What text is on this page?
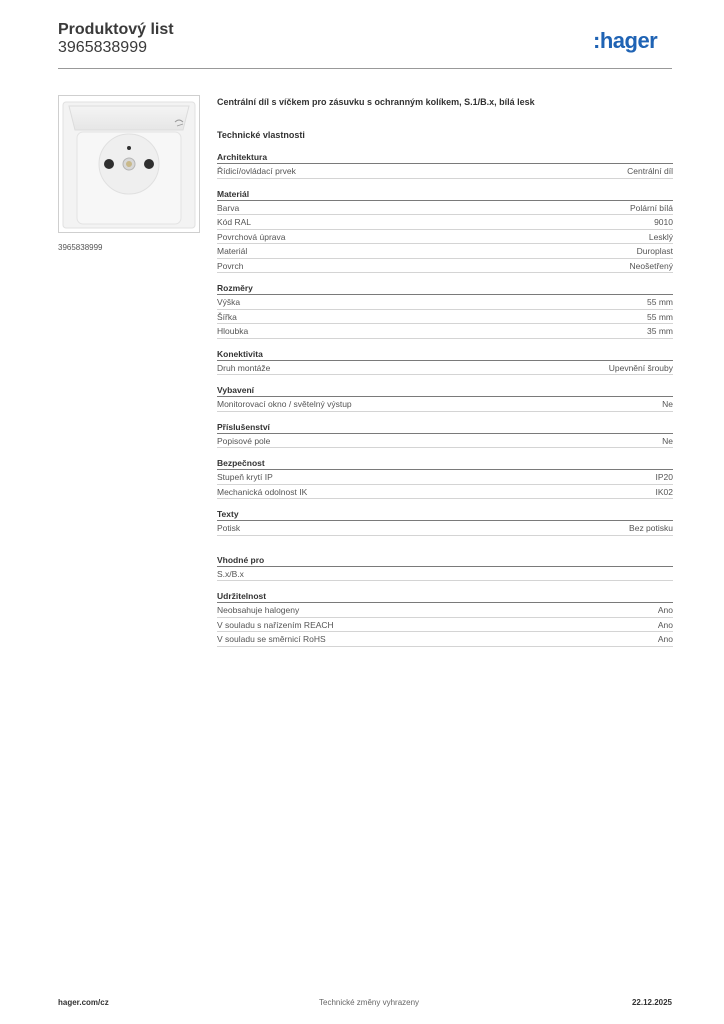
Produktový list
3965838999	:hager
3965838999
Centrální díl s víčkem pro zásuvku s ochranným kolíkem, S.1/B.x, bílá lesk
Technické vlastnosti
Architektura
Řídicí/ovládací prvek	Centrální díl
Materiál
Barva	Polární bílá
Kód RAL	9010
Povrchová úprava	Lesklý
Materiál	Duroplast
Povrch	Neošetřený
Rozměry
Výška	55 mm
Šířka	55 mm
Hloubka	35 mm
Konektivita
Druh montáže	Upevnění šrouby
Vybavení
Monitorovací okno / světelný výstup	Ne
Příslušenství
Popisové pole	Ne
Bezpečnost
Stupeň krytí IP	IP20
Mechanická odolnost IK	IK02
Texty
Potisk	Bez potisku
Vhodné pro
S.x/B.x
Udržitelnost
Neobsahuje halogeny	Ano
V souladu s nařízením REACH	Ano
V souladu se směrnicí RoHS	Ano
hager.com/cz	Technické změny vyhrazeny	22.12.2025
